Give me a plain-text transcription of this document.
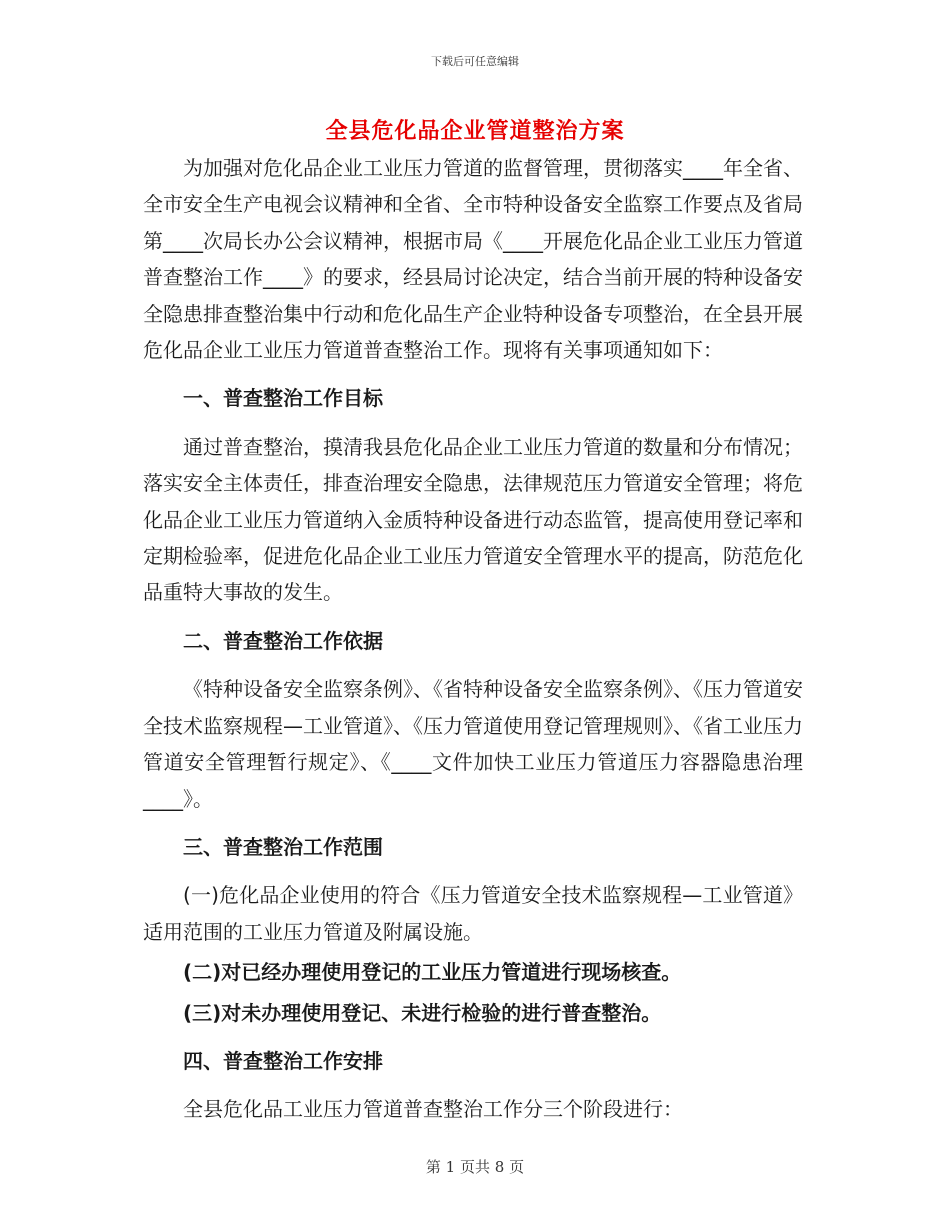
下载后可任意编辑
全县危化品企业管道整治方案

为加强对危化品企业工业压力管道的监督管理，贯彻落实____年全省、全市安全生产电视会议精神和全省、全市特种设备安全监察工作要点及省局第____次局长办公会议精神，根据市局《____开展危化品企业工业压力管道普查整治工作____》的要求，经县局讨论决定，结合当前开展的特种设备安全隐患排查整治集中行动和危化品生产企业特种设备专项整治，在全县开展危化品企业工业压力管道普查整治工作。现将有关事项通知如下：

一、普查整治工作目标

通过普查整治，摸清我县危化品企业工业压力管道的数量和分布情况；落实安全主体责任，排查治理安全隐患，法律规范压力管道安全管理；将危化品企业工业压力管道纳入金质特种设备进行动态监管，提高使用登记率和定期检验率，促进危化品企业工业压力管道安全管理水平的提高，防范危化品重特大事故的发生。

二、普查整治工作依据

《特种设备安全监察条例》、《省特种设备安全监察条例》、《压力管道安全技术监察规程—工业管道》、《压力管道使用登记管理规则》、《省工业压力管道安全管理暂行规定》、《____文件加快工业压力管道压力容器隐患治理____》。

三、普查整治工作范围

(一)危化品企业使用的符合《压力管道安全技术监察规程—工业管道》适用范围的工业压力管道及附属设施。

(二)对已经办理使用登记的工业压力管道进行现场核查。

(三)对未办理使用登记、未进行检验的进行普查整治。

四、普查整治工作安排

全县危化品工业压力管道普查整治工作分三个阶段进行：

第 1 页共 8 页
